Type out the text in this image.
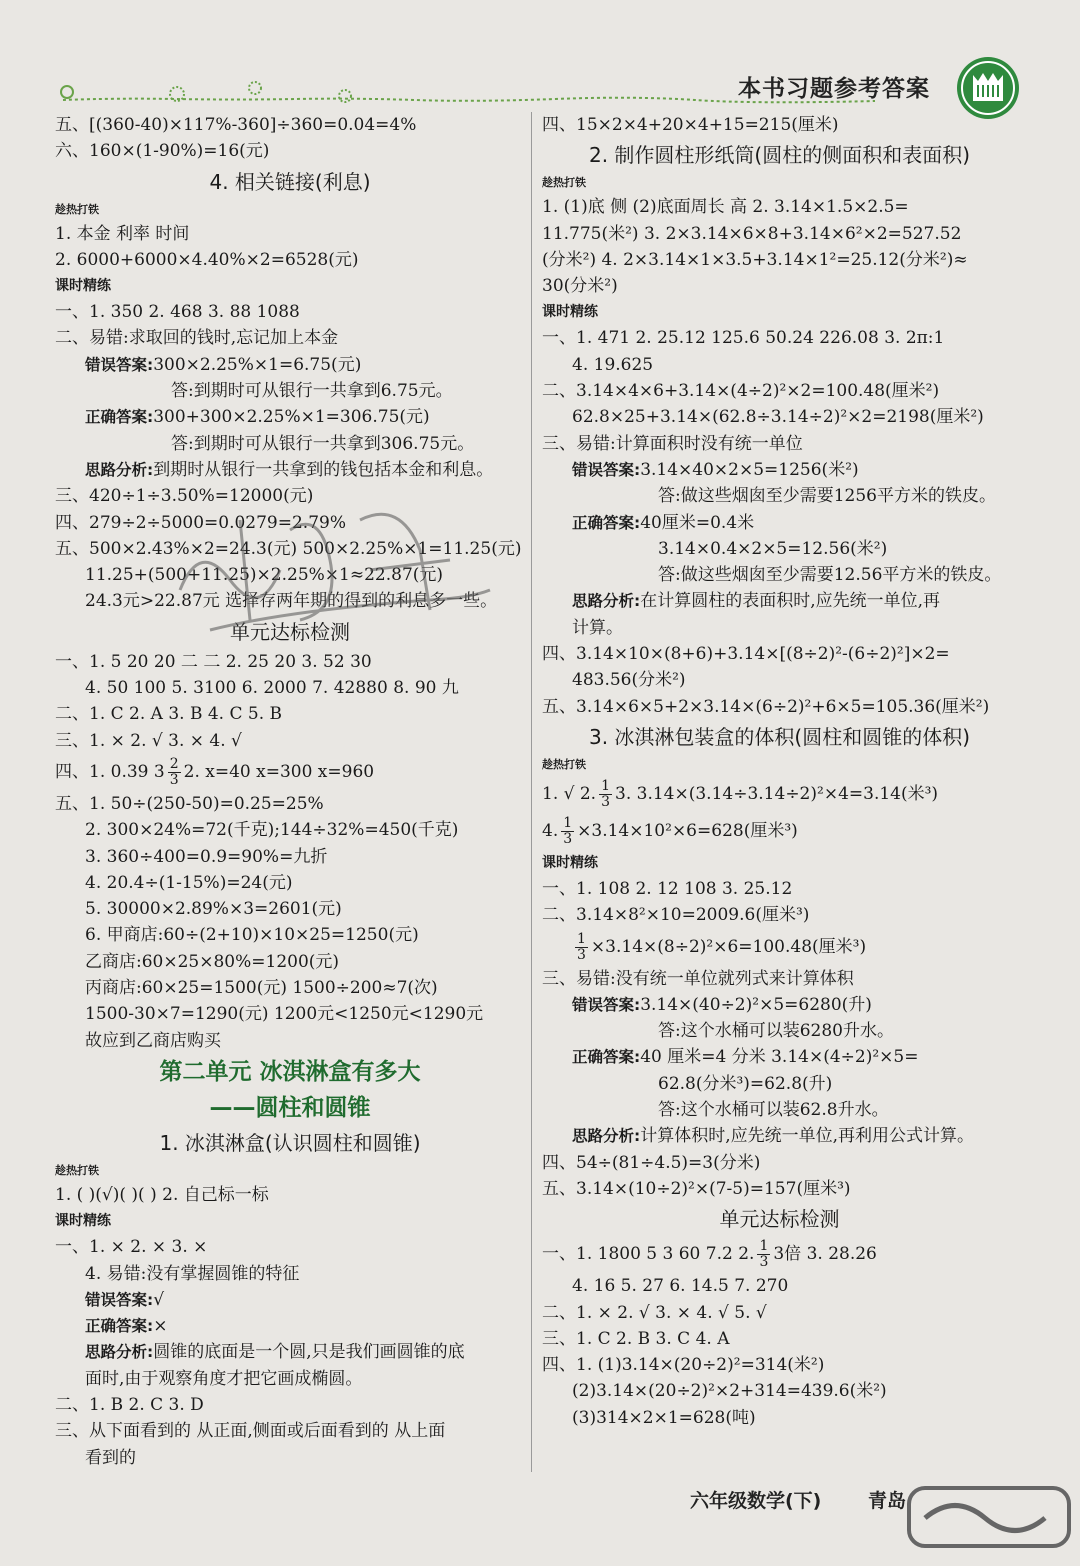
本书习题参考答案
五、[(360-40)×117%-360]÷360=0.04=4%
六、160×(1-90%)=16(元)
4. 相关链接(利息)
趁热打铁
1. 本金 利率 时间
2. 6000+6000×4.40%×2=6528(元)
课时精练
一、1. 350 2. 468 3. 88 1088
二、易错:求取回的钱时,忘记加上本金
错误答案:300×2.25%×1=6.75(元)
答:到期时可从银行一共拿到6.75元。
正确答案:300+300×2.25%×1=306.75(元)
答:到期时可从银行一共拿到306.75元。
思路分析:到期时从银行一共拿到的钱包括本金和利息。
三、420÷1÷3.50%=12000(元)
四、279÷2÷5000=0.0279=2.79%
五、500×2.43%×2=24.3(元) 500×2.25%×1=11.25(元)
11.25+(500+11.25)×2.25%×1≈22.87(元)
24.3元>22.87元 选择存两年期的得到的利息多一些。
单元达标检测
一、1. 5 20 20 二 二 2. 25 20 3. 52 30
4. 50 100 5. 3100 6. 2000 7. 42880 8. 90 九
二、1. C 2. A 3. B 4. C 5. B
三、1. × 2. √ 3. × 4. √
四、1. 0.39 $3 \frac{2}{3} 2$. x=40 x=300 x=960
五、1. 50÷(250-50)=0.25=25%
2. 300×24%=72(千克);144÷32%=450(千克)
3. 360÷400=0.9=90%=九折
4. 20.4÷(1-15%)=24(元)
5. 30000×2.89%×3=2601(元)
6. 甲商店:60÷(2+10)×10×25=1250(元)
乙商店:60×25×80%=1200(元)
丙商店:60×25=1500(元) 1500÷200≈7(次)
1500-30×7=1290(元) 1200元<1250元<1290元
故应到乙商店购买
第二单元 冰淇淋盒有多大
——圆柱和圆锥
1. 冰淇淋盒(认识圆柱和圆锥)
趁热打铁
1. ( )(√)( )( ) 2. 自己标一标
课时精练
一、1. × 2. × 3. ×
4. 易错:没有掌握圆锥的特征
错误答案:√
正确答案:×
思路分析:圆锥的底面是一个圆,只是我们画圆锥的底
面时,由于观察角度才把它画成椭圆。
二、1. B 2. C 3. D
三、从下面看到的 从正面,侧面或后面看到的 从上面
看到的
四、15×2×4+20×4+15=215(厘米)
2. 制作圆柱形纸筒(圆柱的侧面积和表面积)
趁热打铁
1. (1)底 侧 (2)底面周长 高 2. 3.14×1.5×2.5=
11.775(米²) 3. 2×3.14×6×8+3.14×6²×2=527.52
(分米²) 4. 2×3.14×1×3.5+3.14×1²=25.12(分米²)≈
30(分米²)
课时精练
一、1. 471 2. 25.12 125.6 50.24 226.08 3. 2π:1
4. 19.625
二、3.14×4×6+3.14×(4÷2)²×2=100.48(厘米²)
62.8×25+3.14×(62.8÷3.14÷2)²×2=2198(厘米²)
三、易错:计算面积时没有统一单位
错误答案:3.14×40×2×5=1256(米²)
答:做这些烟囱至少需要1256平方米的铁皮。
正确答案:40厘米=0.4米
3.14×0.4×2×5=12.56(米²)
答:做这些烟囱至少需要12.56平方米的铁皮。
思路分析:在计算圆柱的表面积时,应先统一单位,再
计算。
四、3.14×10×(8+6)+3.14×[(8÷2)²-(6÷2)²]×2=
483.56(分米²)
五、3.14×6×5+2×3.14×(6÷2)²+6×5=105.36(厘米²)
3. 冰淇淋包装盒的体积(圆柱和圆锥的体积)
趁热打铁
1. √ 2. $\frac{1}{3} 3$. 3.14×(3.14÷3.14÷2)²×4=3.14(米³)
4. $\frac{1}{3} \times 3.14\times 10^2\times 6=628$(厘米³)
课时精练
一、1. 108 2. 12 108 3. 25.12
二、3.14×8²×10=2009.6(厘米³)
$\frac{1}{3} \times 3.14\times(8\div 2)^2\times 6=100.48$(厘米³)
三、易错:没有统一单位就列式来计算体积
错误答案:3.14×(40÷2)²×5=6280(升)
答:这个水桶可以装6280升水。
正确答案:40 厘米=4 分米 3.14×(4÷2)²×5=
62.8(分米³)=62.8(升)
答:这个水桶可以装62.8升水。
思路分析:计算体积时,应先统一单位,再利用公式计算。
四、54÷(81÷4.5)=3(分米)
五、3.14×(10÷2)²×(7-5)=157(厘米³)
单元达标检测
一、1. 1800 5 3 60 7.2 2. $\frac{1}{3} 3$倍 3. 28.26
4. 16 5. 27 6. 14.5 7. 270
二、1. × 2. √ 3. × 4. √ 5. √
三、1. C 2. B 3. C 4. A
四、1. (1)3.14×(20÷2)²=314(米²)
(2)3.14×(20÷2)²×2+314=439.6(米²)
(3)314×2×1=628(吨)
六年级数学(下) 青岛
